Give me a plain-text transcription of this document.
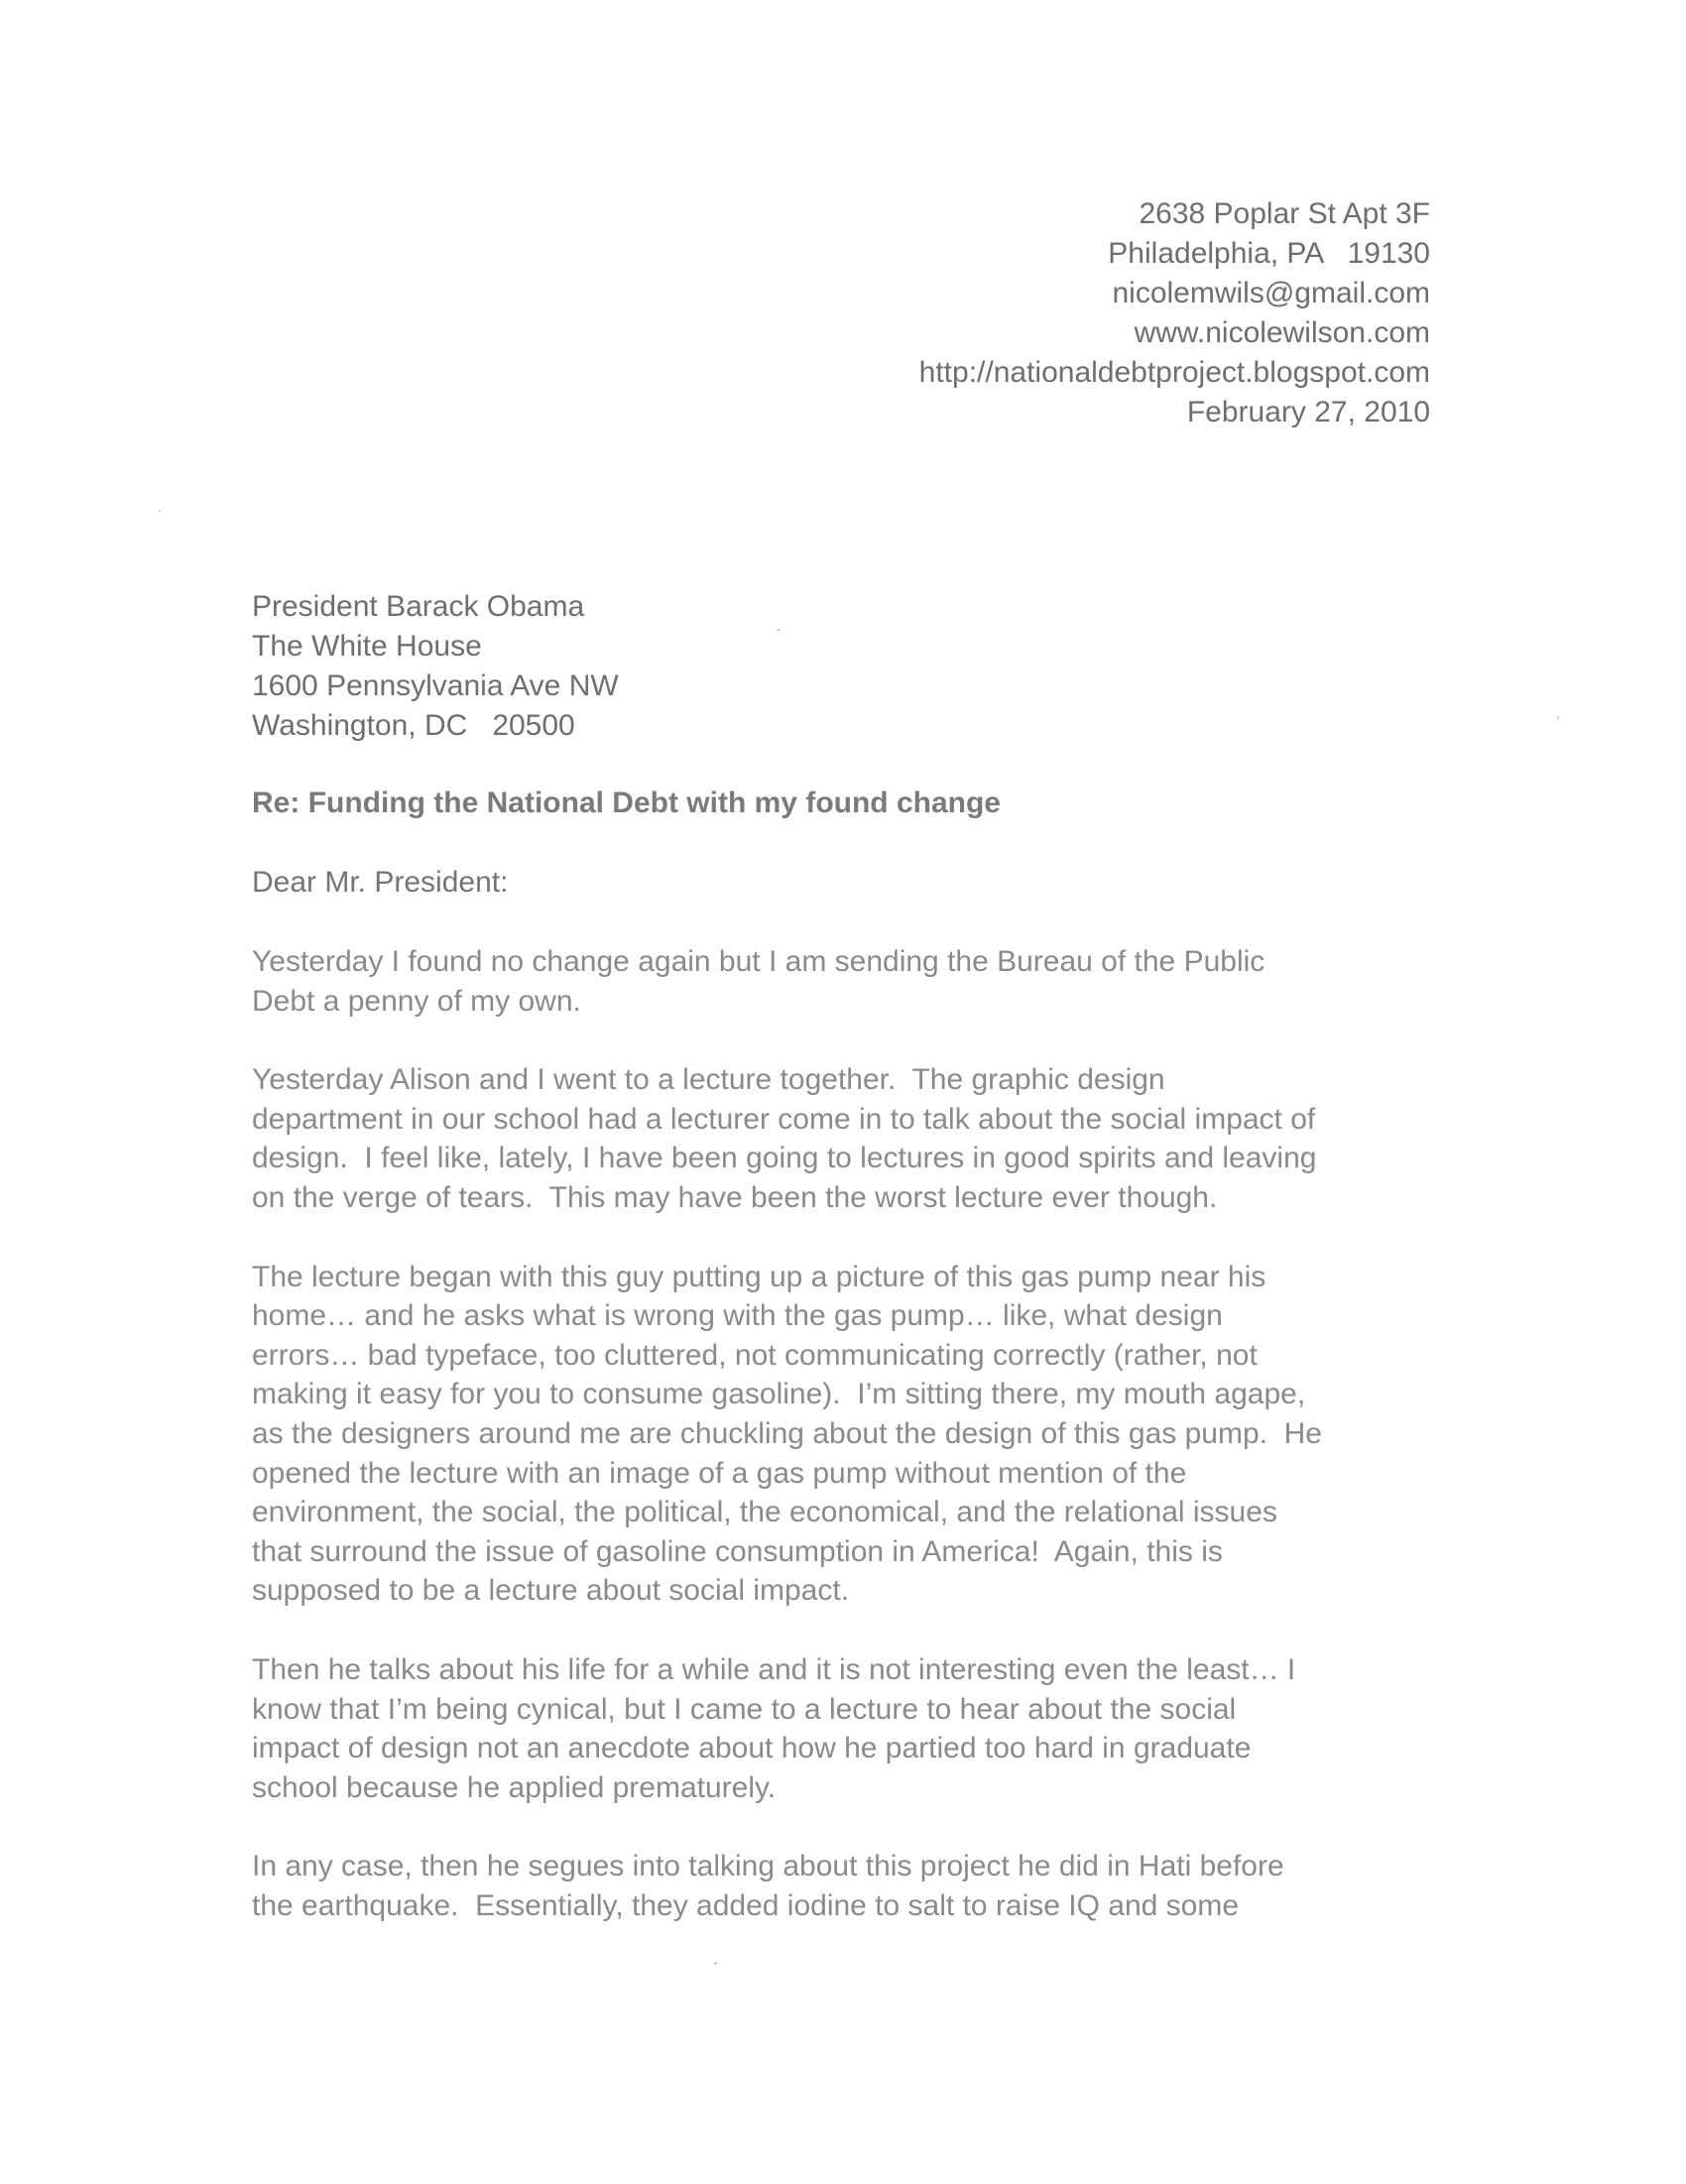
2638 Poplar St Apt 3F
Philadelphia, PA   19130
nicolemwils@gmail.com
www.nicolewilson.com
http://nationaldebtproject.blogspot.com
February 27, 2010
President Barack Obama
The White House
1600 Pennsylvania Ave NW
Washington, DC   20500
Re: Funding the National Debt with my found change
Dear Mr. President:
Yesterday I found no change again but I am sending the Bureau of the Public
Debt a penny of my own.
Yesterday Alison and I went to a lecture together.  The graphic design
department in our school had a lecturer come in to talk about the social impact of
design.  I feel like, lately, I have been going to lectures in good spirits and leaving
on the verge of tears.  This may have been the worst lecture ever though.
The lecture began with this guy putting up a picture of this gas pump near his
home… and he asks what is wrong with the gas pump… like, what design
errors… bad typeface, too cluttered, not communicating correctly (rather, not
making it easy for you to consume gasoline).  I’m sitting there, my mouth agape,
as the designers around me are chuckling about the design of this gas pump.  He
opened the lecture with an image of a gas pump without mention of the
environment, the social, the political, the economical, and the relational issues
that surround the issue of gasoline consumption in America!  Again, this is
supposed to be a lecture about social impact.
Then he talks about his life for a while and it is not interesting even the least… I
know that I’m being cynical, but I came to a lecture to hear about the social
impact of design not an anecdote about how he partied too hard in graduate
school because he applied prematurely.
In any case, then he segues into talking about this project he did in Hati before
the earthquake.  Essentially, they added iodine to salt to raise IQ and some
